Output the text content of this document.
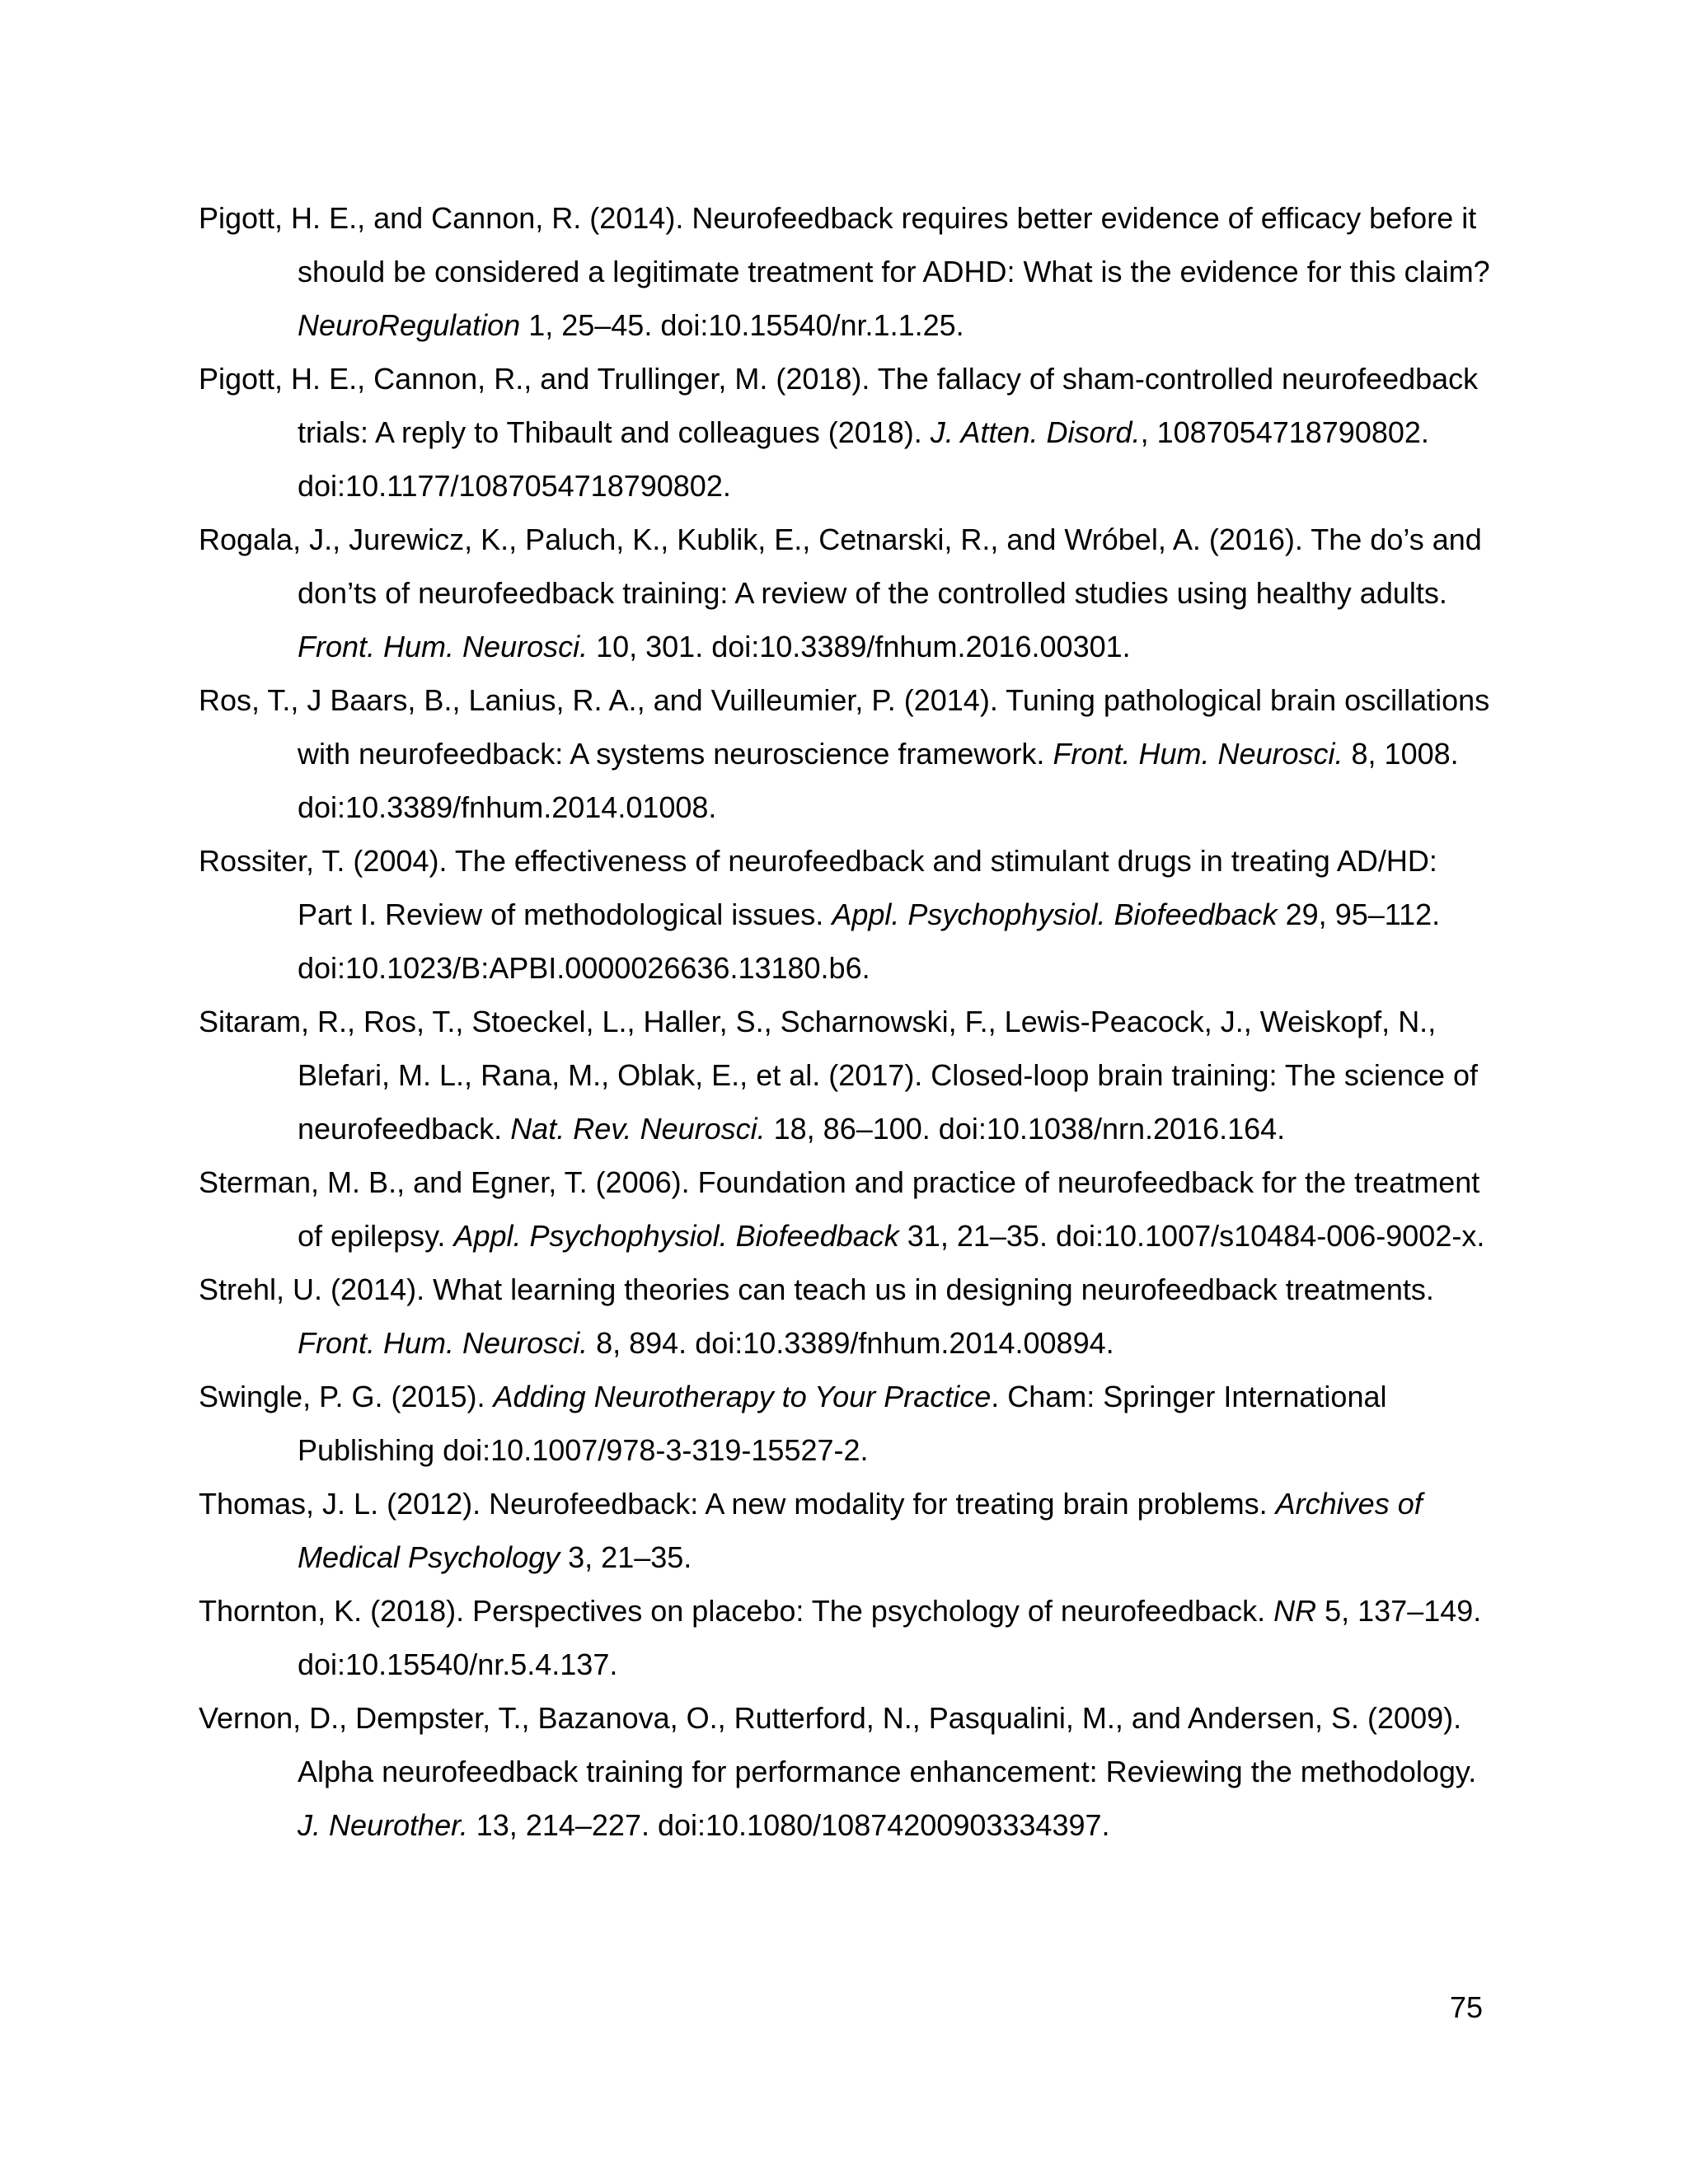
Pigott, H. E., and Cannon, R. (2014). Neurofeedback requires better evidence of efficacy before it should be considered a legitimate treatment for ADHD: What is the evidence for this claim? NeuroRegulation 1, 25–45. doi:10.15540/nr.1.1.25.
Pigott, H. E., Cannon, R., and Trullinger, M. (2018). The fallacy of sham-controlled neurofeedback trials: A reply to Thibault and colleagues (2018). J. Atten. Disord., 1087054718790802. doi:10.1177/1087054718790802.
Rogala, J., Jurewicz, K., Paluch, K., Kublik, E., Cetnarski, R., and Wróbel, A. (2016). The do’s and don’ts of neurofeedback training: A review of the controlled studies using healthy adults. Front. Hum. Neurosci. 10, 301. doi:10.3389/fnhum.2016.00301.
Ros, T., J Baars, B., Lanius, R. A., and Vuilleumier, P. (2014). Tuning pathological brain oscillations with neurofeedback: A systems neuroscience framework. Front. Hum. Neurosci. 8, 1008. doi:10.3389/fnhum.2014.01008.
Rossiter, T. (2004). The effectiveness of neurofeedback and stimulant drugs in treating AD/HD: Part I. Review of methodological issues. Appl. Psychophysiol. Biofeedback 29, 95–112. doi:10.1023/B:APBI.0000026636.13180.b6.
Sitaram, R., Ros, T., Stoeckel, L., Haller, S., Scharnowski, F., Lewis-Peacock, J., Weiskopf, N., Blefari, M. L., Rana, M., Oblak, E., et al. (2017). Closed-loop brain training: The science of neurofeedback. Nat. Rev. Neurosci. 18, 86–100. doi:10.1038/nrn.2016.164.
Sterman, M. B., and Egner, T. (2006). Foundation and practice of neurofeedback for the treatment of epilepsy. Appl. Psychophysiol. Biofeedback 31, 21–35. doi:10.1007/s10484-006-9002-x.
Strehl, U. (2014). What learning theories can teach us in designing neurofeedback treatments. Front. Hum. Neurosci. 8, 894. doi:10.3389/fnhum.2014.00894.
Swingle, P. G. (2015). Adding Neurotherapy to Your Practice. Cham: Springer International Publishing doi:10.1007/978-3-319-15527-2.
Thomas, J. L. (2012). Neurofeedback: A new modality for treating brain problems. Archives of Medical Psychology 3, 21–35.
Thornton, K. (2018). Perspectives on placebo: The psychology of neurofeedback. NR 5, 137–149. doi:10.15540/nr.5.4.137.
Vernon, D., Dempster, T., Bazanova, O., Rutterford, N., Pasqualini, M., and Andersen, S. (2009). Alpha neurofeedback training for performance enhancement: Reviewing the methodology. J. Neurother. 13, 214–227. doi:10.1080/10874200903334397.
75
